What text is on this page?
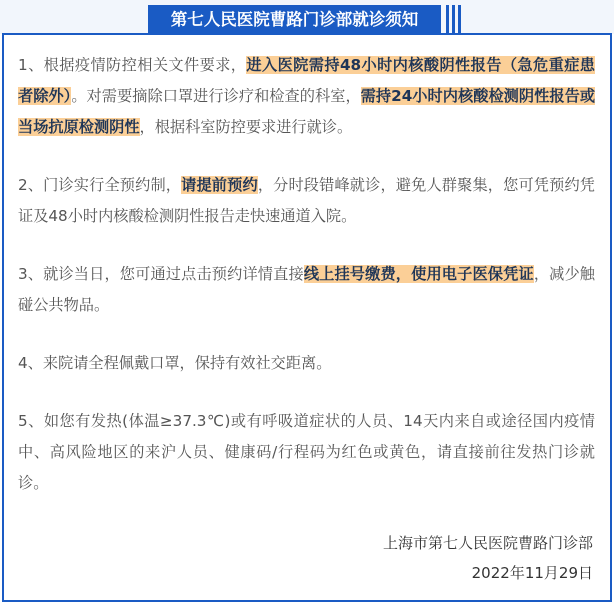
第七人民医院曹路门诊部就诊须知

1、根据疫情防控相关文件要求，进入医院需持48小时内核酸阴性报告（急危重症患者除外）。对需要摘除口罩进行诊疗和检查的科室，需持24小时内核酸检测阴性报告或当场抗原检测阴性，根据科室防控要求进行就诊。

2、门诊实行全预约制，请提前预约，分时段错峰就诊，避免人群聚集，您可凭预约凭证及48小时内核酸检测阴性报告走快速通道入院。

3、就诊当日，您可通过点击预约详情直接线上挂号缴费，使用电子医保凭证，减少触碰公共物品。

4、来院请全程佩戴口罩，保持有效社交距离。

5、如您有发热(体温≥37.3℃)或有呼吸道症状的人员、14天内来自或途径国内疫情中、高风险地区的来沪人员、健康码/行程码为红色或黄色，请直接前往发热门诊就诊。

上海市第七人民医院曹路门诊部
2022年11月29日
